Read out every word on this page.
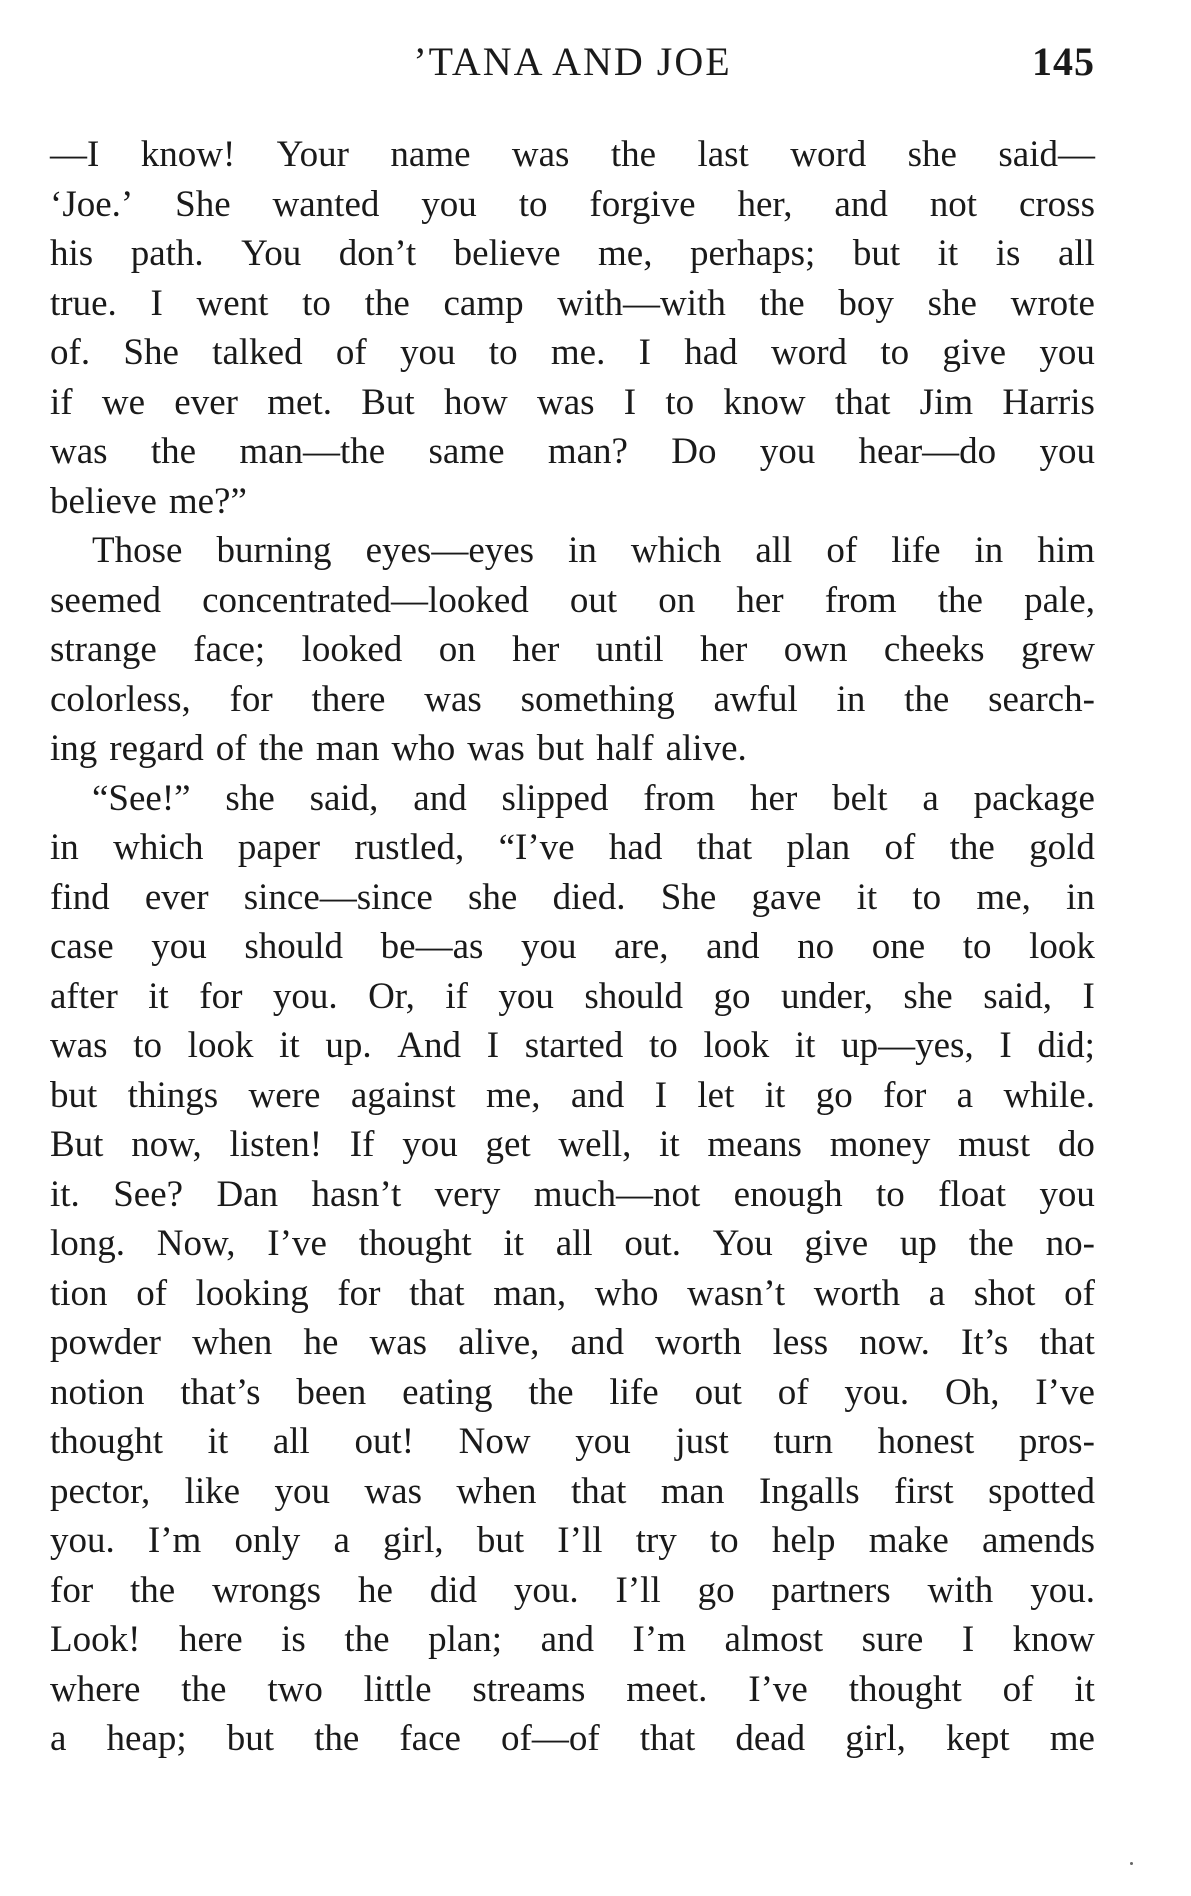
’TANA AND JOE	145
—I know! Your name was the last word she said—
‘Joe.’ She wanted you to forgive her, and not cross
his path. You don’t believe me, perhaps; but it is all
true. I went to the camp with—with the boy she wrote
of. She talked of you to me. I had word to give you
if we ever met. But how was I to know that Jim Harris
was the man—the same man? Do you hear—do you
believe me?”
Those burning eyes—eyes in which all of life in him
seemed concentrated—looked out on her from the pale,
strange face; looked on her until her own cheeks grew
colorless, for there was something awful in the search-
ing regard of the man who was but half alive.
“See!” she said, and slipped from her belt a package
in which paper rustled, “I’ve had that plan of the gold
find ever since—since she died. She gave it to me, in
case you should be—as you are, and no one to look
after it for you. Or, if you should go under, she said, I
was to look it up. And I started to look it up—yes, I did;
but things were against me, and I let it go for a while.
But now, listen! If you get well, it means money must do
it. See? Dan hasn’t very much—not enough to float you
long. Now, I’ve thought it all out. You give up the no-
tion of looking for that man, who wasn’t worth a shot of
powder when he was alive, and worth less now. It’s that
notion that’s been eating the life out of you. Oh, I’ve
thought it all out! Now you just turn honest pros-
pector, like you was when that man Ingalls first spotted
you. I’m only a girl, but I’ll try to help make amends
for the wrongs he did you. I’ll go partners with you.
Look! here is the plan; and I’m almost sure I know
where the two little streams meet. I’ve thought of it
a heap; but the face of—of that dead girl, kept me
